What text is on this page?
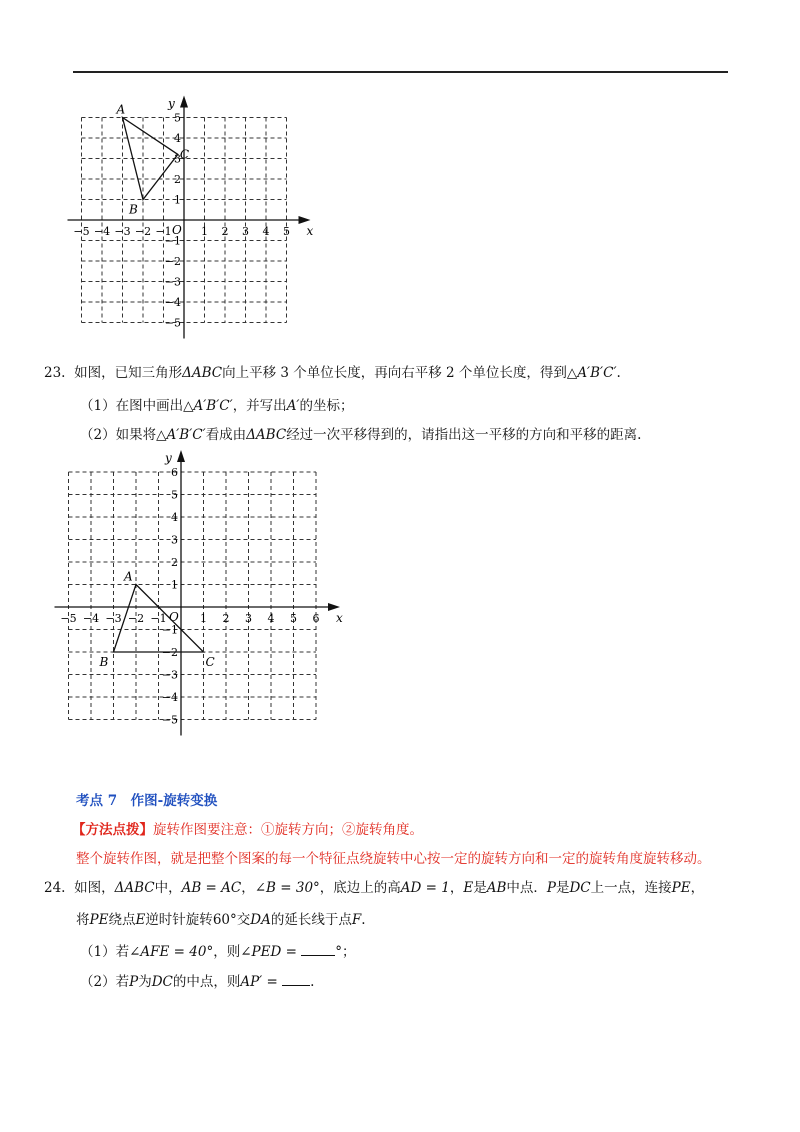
x
y
O
−5 −4 −3 −2 −1	1 2 3 4 5
1
2
3
4
5
−1
−2
−3
−4
−5
A
B
C
23. 如图，已知三角形ΔABC向上平移 3 个单位长度，再向右平移 2 个单位长度，得到△A′B′C′.
（1）在图中画出△A′B′C′，并写出A′的坐标；
（2）如果将△A′B′C′看成由ΔABC经过一次平移得到的，请指出这一平移的方向和平移的距离.
x
y
O
−5 −4 −3 −2 −1	1 2 3 4 5 6
1
2
3
4
5
6
−1
−2
−3
−4
−5
A
B	C
考点 7　作图-旋转变换
【方法点拨】旋转作图要注意：①旋转方向；②旋转角度。
整个旋转作图，就是把整个图案的每一个特征点绕旋转中心按一定的旋转方向和一定的旋转角度旋转移动。
24. 如图，ΔABC中，AB = AC，∠B = 30°，底边上的高AD = 1，E是AB中点．P是DC上一点，连接PE，
将PE绕点E逆时针旋转60°交DA的延长线于点F.
（1）若∠AFE = 40°，则∠PED =	°；
（2）若P为DC的中点，则AP′ = .
